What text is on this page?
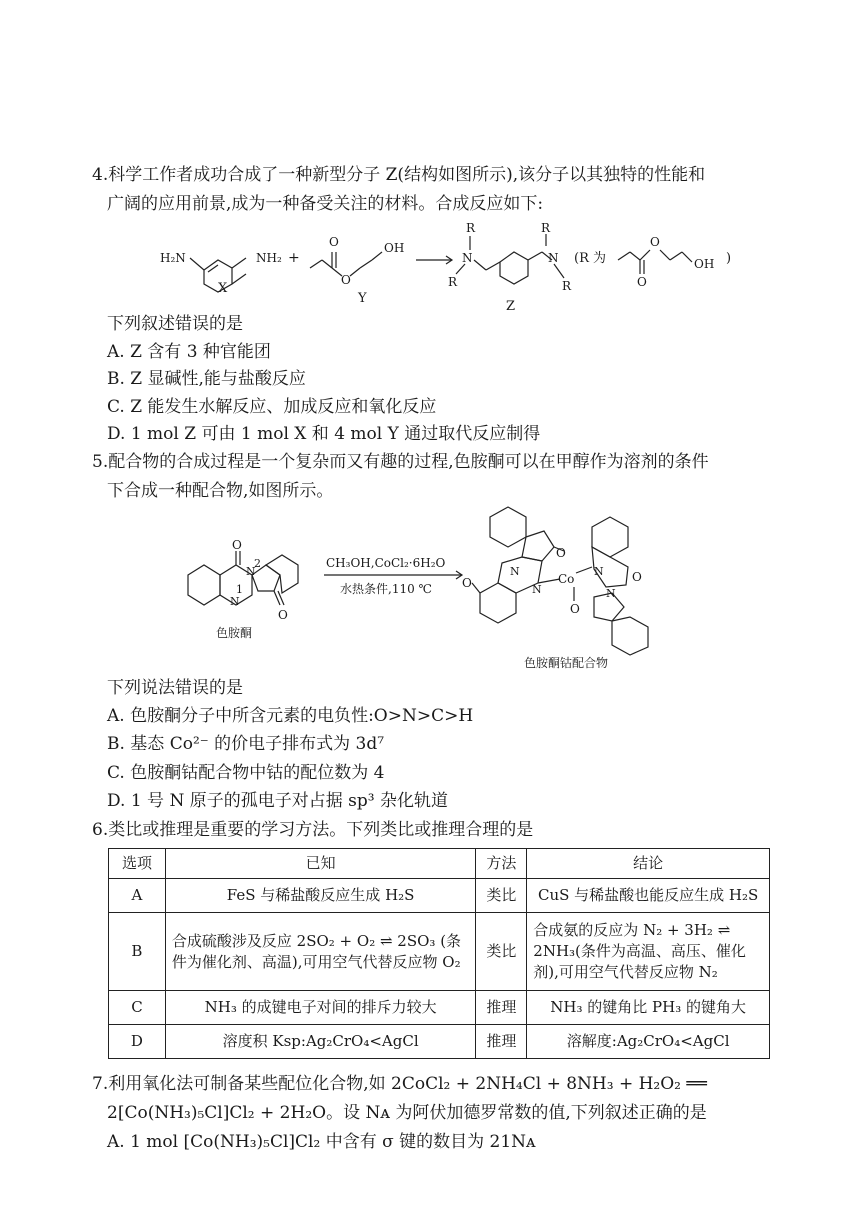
4.科学工作者成功合成了一种新型分子 Z(结构如图所示),该分子以其独特的性能和
广阔的应用前景,成为一种备受关注的材料。合成反应如下:
H₂N	NH₂
X
+
O
O
OH
Y
R
N
R
R
N
R
Z
(R 为
O
O
OH )
下列叙述错误的是
A. Z 含有 3 种官能团
B. Z 显碱性,能与盐酸反应
C. Z 能发生水解反应、加成反应和氧化反应
D. 1 mol Z 可由 1 mol X 和 4 mol Y 通过取代反应制得
5.配合物的合成过程是一个复杂而又有趣的过程,色胺酮可以在甲醇作为溶剂的条件
下合成一种配合物,如图所示。
O
O
N
2
N
1
色胺酮
CH₃OH,CoCl₂·6H₂O
水热条件,110 ℃
O
Co
O
O	O
N
N
N
N
色胺酮钴配合物
下列说法错误的是
A. 色胺酮分子中所含元素的电负性:O>N>C>H
B. 基态 Co²⁻ 的价电子排布式为 3d⁷
C. 色胺酮钴配合物中钴的配位数为 4
D. 1 号 N 原子的孤电子对占据 sp³ 杂化轨道
6.类比或推理是重要的学习方法。下列类比或推理合理的是
选项	已知	方法	结论
A	FeS 与稀盐酸反应生成 H₂S	类比	CuS 与稀盐酸也能反应生成 H₂S
B	合成硫酸涉及反应 2SO₂ + O₂ ⇌ 2SO₃ (条件为催化剂、高温),可用空气代替反应物 O₂	类比	合成氨的反应为 N₂ + 3H₂ ⇌ 2NH₃(条件为高温、高压、催化剂),可用空气代替反应物 N₂
C	NH₃ 的成键电子对间的排斥力较大	推理	NH₃ 的键角比 PH₃ 的键角大
D	溶度积 Ksp:Ag₂CrO₄<AgCl	推理	溶解度:Ag₂CrO₄<AgCl
7.利用氧化法可制备某些配位化合物,如 2CoCl₂ + 2NH₄Cl + 8NH₃ + H₂O₂ ══
2[Co(NH₃)₅Cl]Cl₂ + 2H₂O。设 Nᴀ 为阿伏加德罗常数的值,下列叙述正确的是
A. 1 mol [Co(NH₃)₅Cl]Cl₂ 中含有 σ 键的数目为 21Nᴀ
